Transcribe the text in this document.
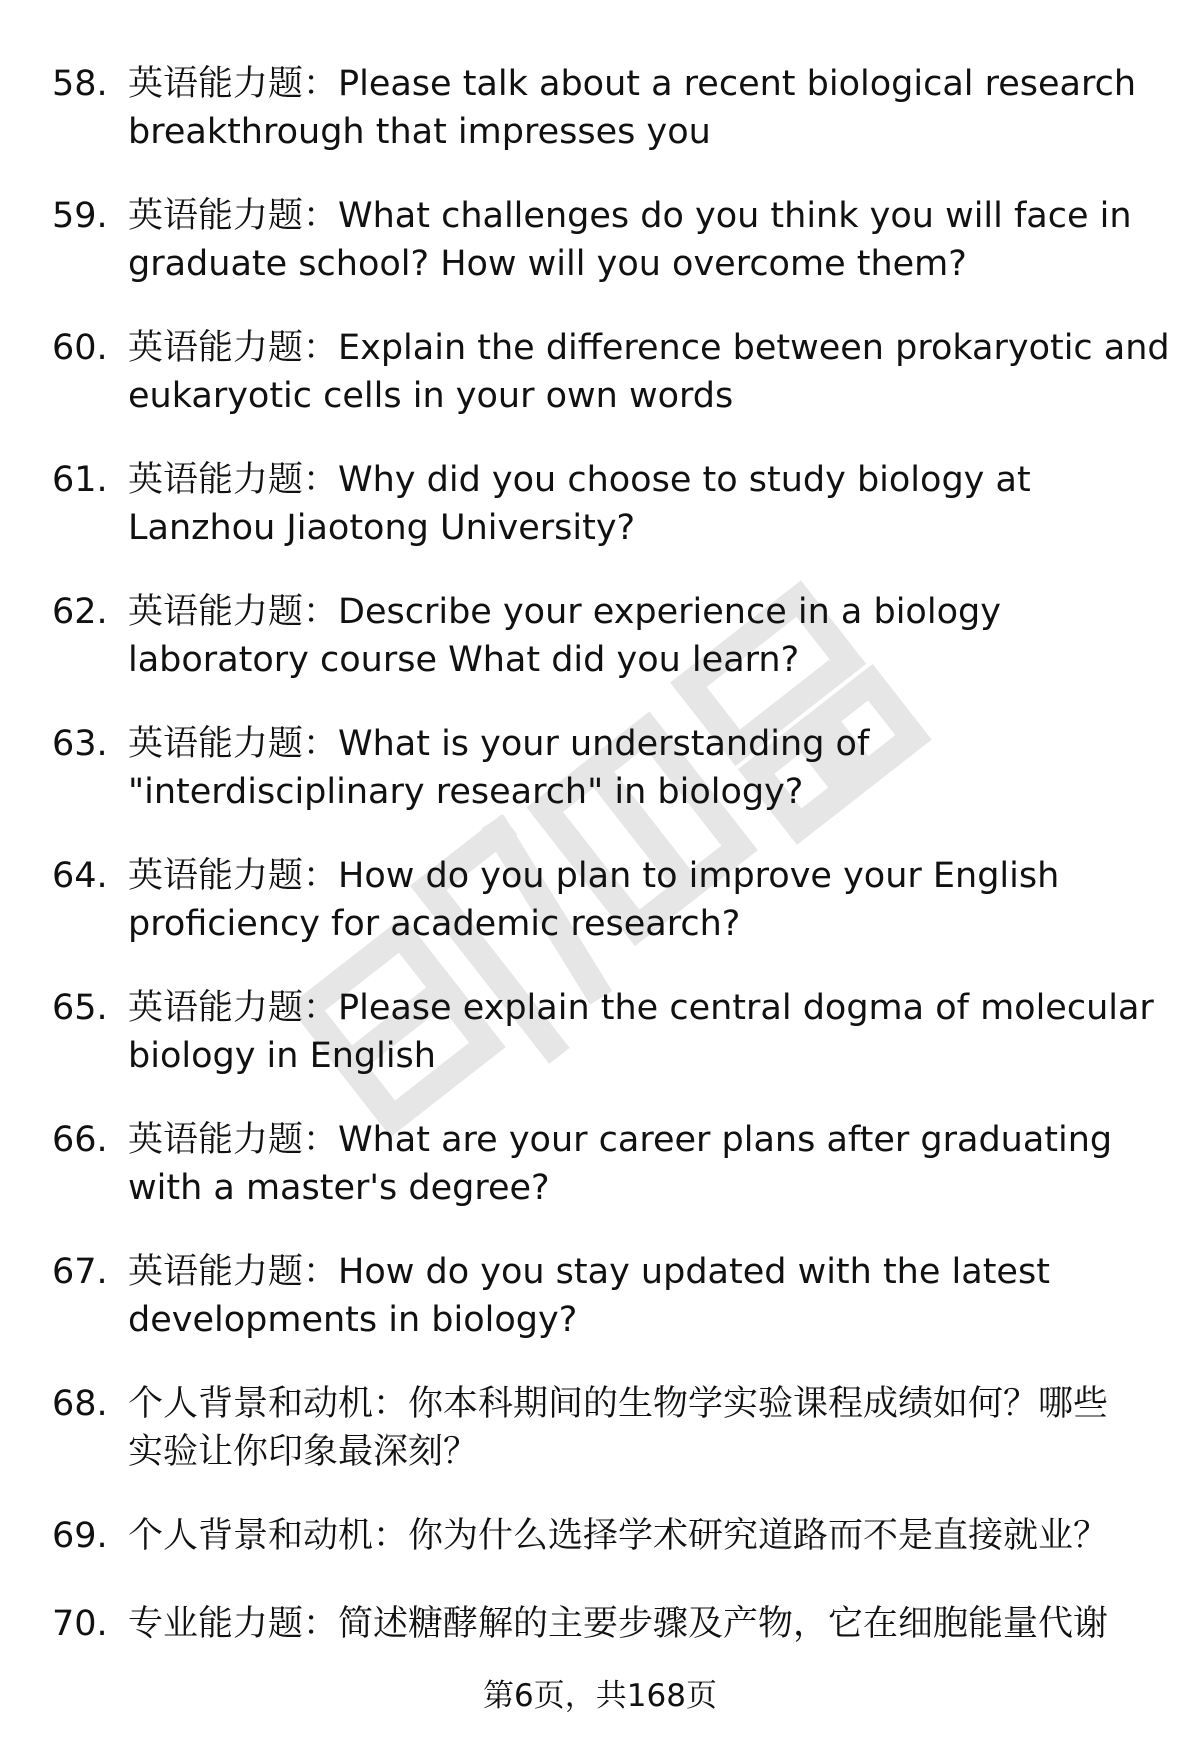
58. 英语能力题：Please talk about a recent biological research
breakthrough that impresses you

59. 英语能力题：What challenges do you think you will face in
graduate school? How will you overcome them?

60. 英语能力题：Explain the difference between prokaryotic and
eukaryotic cells in your own words

61. 英语能力题：Why did you choose to study biology at
Lanzhou Jiaotong University?

62. 英语能力题：Describe your experience in a biology
laboratory course What did you learn?

63. 英语能力题：What is your understanding of
"interdisciplinary research" in biology?

64. 英语能力题：How do you plan to improve your English
proficiency for academic research?

65. 英语能力题：Please explain the central dogma of molecular
biology in English

66. 英语能力题：What are your career plans after graduating
with a master's degree?

67. 英语能力题：How do you stay updated with the latest
developments in biology?

68. 个人背景和动机：你本科期间的生物学实验课程成绩如何？哪些
实验让你印象最深刻？

69. 个人背景和动机：你为什么选择学术研究道路而不是直接就业？

70. 专业能力题：简述糖酵解的主要步骤及产物，它在细胞能量代谢

第6页，共168页
